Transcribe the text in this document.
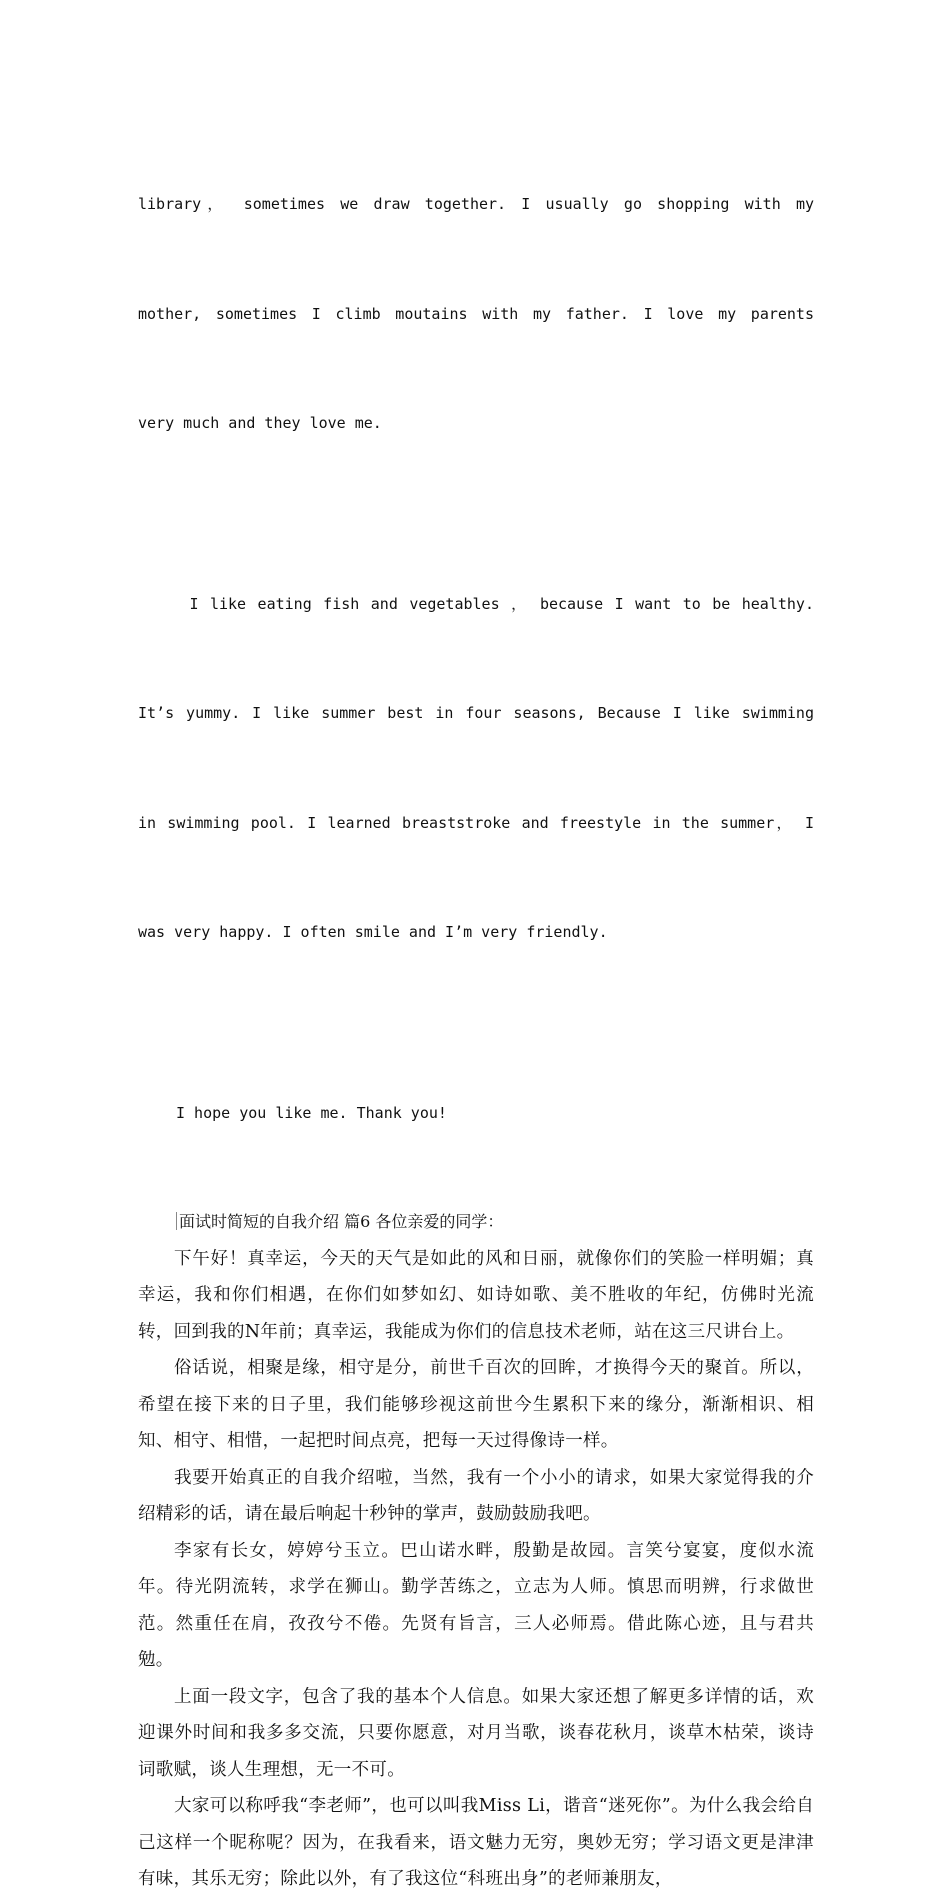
library， sometimes we draw together. I usually go shopping with my

mother, sometimes I climb moutains with my father. I love my parents

very much and they love me.

I like eating fish and vegetables ， because I want to be healthy.

It’s yummy. I like summer best in four seasons, Because I like swimming

in swimming pool. I learned breaststroke and freestyle in the summer， I

was very happy. I often smile and I’m very friendly.

I hope you like me. Thank you!

面试时简短的自我介绍 篇6 各位亲爱的同学：

下午好！真幸运，今天的天气是如此的风和日丽，就像你们的笑脸一样明媚；真幸运，我和你们相遇，在你们如梦如幻、如诗如歌、美不胜收的年纪，仿佛时光流转，回到我的N年前；真幸运，我能成为你们的信息技术老师，站在这三尺讲台上。

俗话说，相聚是缘，相守是分，前世千百次的回眸，才换得今天的聚首。所以，希望在接下来的日子里，我们能够珍视这前世今生累积下来的缘分，渐渐相识、相知、相守、相惜，一起把时间点亮，把每一天过得像诗一样。

我要开始真正的自我介绍啦，当然，我有一个小小的请求，如果大家觉得我的介绍精彩的话，请在最后响起十秒钟的掌声，鼓励鼓励我吧。

李家有长女，婷婷兮玉立。巴山诺水畔，殷勤是故园。言笑兮宴宴，度似水流年。待光阴流转，求学在狮山。勤学苦练之，立志为人师。慎思而明辨，行求做世范。然重任在肩，孜孜兮不倦。先贤有旨言，三人必师焉。借此陈心迹，且与君共勉。

上面一段文字，包含了我的基本个人信息。如果大家还想了解更多详情的话，欢迎课外时间和我多多交流，只要你愿意，对月当歌，谈春花秋月，谈草木枯荣，谈诗词歌赋，谈人生理想，无一不可。

大家可以称呼我“李老师”，也可以叫我Miss Li，谐音“迷死你”。为什么我会给自己这样一个昵称呢？因为，在我看来，语文魅力无穷，奥妙无穷；学习语文更是津津有味，其乐无穷；除此以外，有了我这位“科班出身”的老师兼朋友，
